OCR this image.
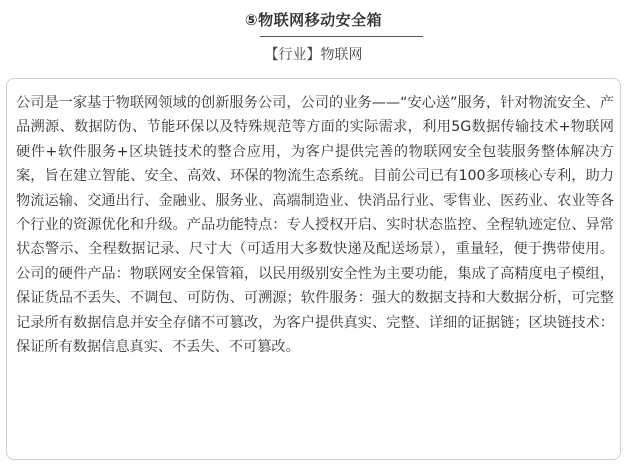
⑤物联网移动安全箱
【行业】物联网

公司是一家基于物联网领域的创新服务公司，公司的业务——“安心送”服务，针对物流安全、产品溯源、数据防伪、节能环保以及特殊规范等方面的实际需求，利用5G数据传输技术+物联网硬件+软件服务+区块链技术的整合应用，为客户提供完善的物联网安全包装服务整体解决方案，旨在建立智能、安全、高效、环保的物流生态系统。目前公司已有100多项核心专利，助力物流运输、交通出行、金融业、服务业、高端制造业、快消品行业、零售业、医药业、农业等各个行业的资源优化和升级。产品功能特点：专人授权开启、实时状态监控、全程轨迹定位、异常状态警示、全程数据记录、尺寸大（可适用大多数快递及配送场景），重量轻，便于携带使用。公司的硬件产品：物联网安全保管箱，以民用级别安全性为主要功能，集成了高精度电子模组，保证货品不丢失、不调包、可防伪、可溯源；软件服务：强大的数据支持和大数据分析，可完整记录所有数据信息并安全存储不可篡改，为客户提供真实、完整、详细的证据链；区块链技术：保证所有数据信息真实、不丢失、不可篡改。
